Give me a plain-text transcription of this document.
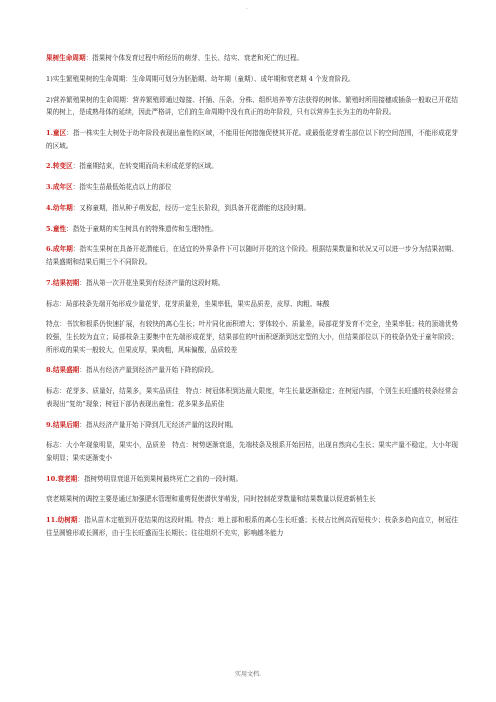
·

果树生命周期：指果树个体发育过程中所经历的萌芽、生长、结实、衰老和死亡的过程。

1)实生繁殖果树的生命周期：生命周期可划分为胚胎期、幼年期（童期）、成年期和衰老期 4 个发育阶段。

2)营养繁殖果树的生命周期：营养繁殖即通过嫁接、扦插、压条、分株、组织培养等方法获得的树体。繁殖时所用接穗或插条一般取已开花结果的树上，是成熟母体的延续，因此严格讲，它们的生命周期中没有真正的幼年阶段，只有以营养生长为主的幼年阶段。

1.童区：指一株实生大树处于幼年阶段表现出童性的区域，不能用任何措施促使其开花。或最低花芽着生部位以下的空间范围，不能形成花芽的区域。

2.转变区：指童期结束，在转变期而尚未形成花芽的区域。

3.成年区：指实生苗最低始花点以上的部位

4.幼年期：又称童期，指从种子萌发起，经历一定生长阶段，到具备开花潜能的这段时期。

5.童性：指处于童期的实生树具有的特殊遗传和生理特性。

6.成年期：指实生果树在具备开花潜能后，在适宜的外界条件下可以随时开花的这个阶段。根据结果数量和状况又可以进一步分为结果初期、结果盛期和结果后期三个不同阶段。

7.结果初期：指从第一次开花坐果到有经济产量的这段时期。

标志：局部枝条先端开始形成少量花芽，花芽质量差，坐果率低，果实品质差，皮厚、肉粗、味酸

特点：书饮和根系仍快速扩展，有较快的离心生长；叶片同化面积增大；芽体较小、质量差，局部花芽发育不完全，坐果率低；枝的顶端优势较强，生长较为直立；局部枝条主要集中在先端形成花芽，结果部位的叶面积逐渐到达定型的大小，但结果部位以下的枝条仍处于童年阶段；所形成的果实一般较大，但果皮厚，果肉粗，风味偏酸，品质较差

8.结果盛期：指从有经济产量到经济产量开始下降的阶段。

标志：花芽多、质量好，结果多，果实品质佳　特点：树冠体积到达最大限度，年生长量逐渐稳定；在树冠内部，个别生长旺盛的枝条经常会表现出“复幼”现象；树冠下部仍表现出童性；花多果多品质佳

9.结果后期：指从经济产量开始下降到几无经济产量的这段时期。

标志：大小年现象明显，果实小，品质差　特点：树势逐渐衰退，先端枝条及根系开始回枯，出现自然向心生长；果实产量不稳定，大小年现象明显；果实逐渐变小

10.衰老期：指树势明显衰退开始到果树最终死亡之前的一段时期。

衰老期果树的调控主要是通过加强肥水管理和重剪促使潜伏芽萌发，同时控制花芽数量和结果数量以促进新梢生长

11.幼树期：指从苗木定植到开花结果的这段时期。特点：地上部和根系的离心生长旺盛；长枝占比例高而短枝少；枝条多趋向直立，树冠往往呈圆锥形或长圆形，由于生长旺盛而生长期长；往往组织不充实，影响越冬能力

实用文档.
